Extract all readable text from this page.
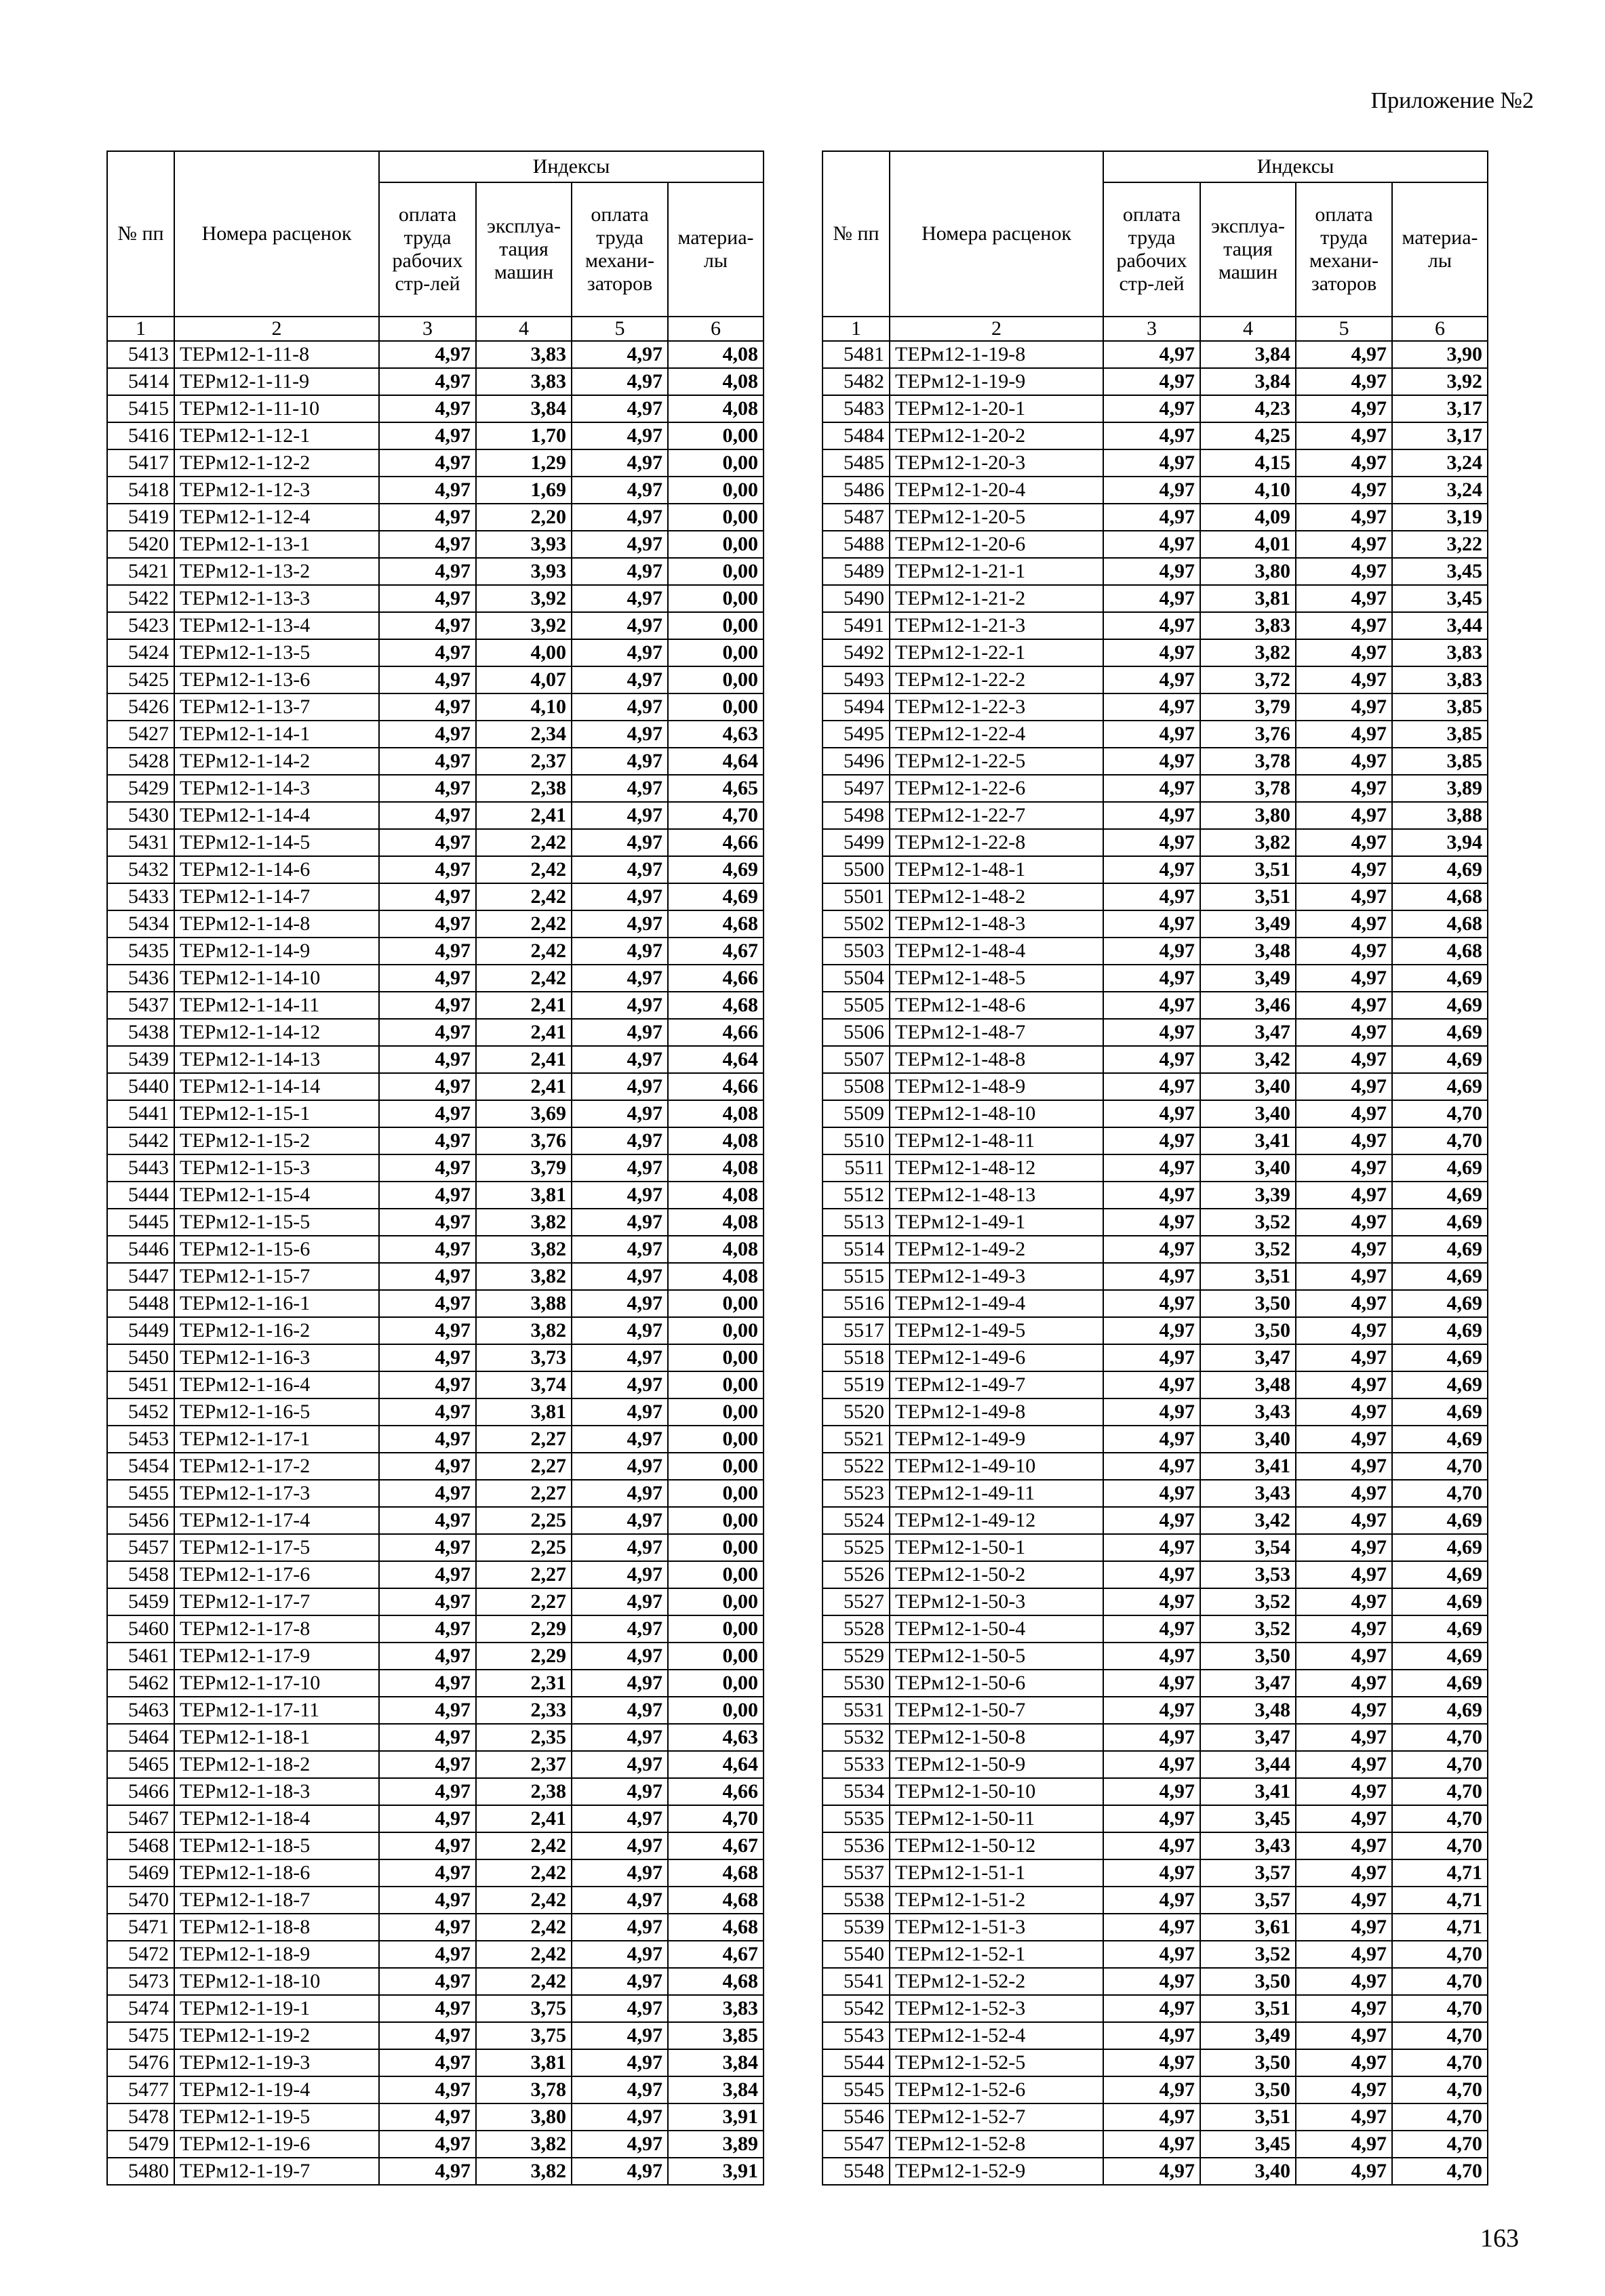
Приложение №2
№ пп	Номера расценок	Индексы			
		оплата труда рабочих стр-лей	эксплуа-тация машин	оплата труда механи-заторов	материа-лы
1	2	3	4	5	6
5413	ТЕРм12-1-11-8	4,97	3,83	4,97	4,08
5414	ТЕРм12-1-11-9	4,97	3,83	4,97	4,08
5415	ТЕРм12-1-11-10	4,97	3,84	4,97	4,08
5416	ТЕРм12-1-12-1	4,97	1,70	4,97	0,00
5417	ТЕРм12-1-12-2	4,97	1,29	4,97	0,00
5418	ТЕРм12-1-12-3	4,97	1,69	4,97	0,00
5419	ТЕРм12-1-12-4	4,97	2,20	4,97	0,00
5420	ТЕРм12-1-13-1	4,97	3,93	4,97	0,00
5421	ТЕРм12-1-13-2	4,97	3,93	4,97	0,00
5422	ТЕРм12-1-13-3	4,97	3,92	4,97	0,00
5423	ТЕРм12-1-13-4	4,97	3,92	4,97	0,00
5424	ТЕРм12-1-13-5	4,97	4,00	4,97	0,00
5425	ТЕРм12-1-13-6	4,97	4,07	4,97	0,00
5426	ТЕРм12-1-13-7	4,97	4,10	4,97	0,00
5427	ТЕРм12-1-14-1	4,97	2,34	4,97	4,63
5428	ТЕРм12-1-14-2	4,97	2,37	4,97	4,64
5429	ТЕРм12-1-14-3	4,97	2,38	4,97	4,65
5430	ТЕРм12-1-14-4	4,97	2,41	4,97	4,70
5431	ТЕРм12-1-14-5	4,97	2,42	4,97	4,66
5432	ТЕРм12-1-14-6	4,97	2,42	4,97	4,69
5433	ТЕРм12-1-14-7	4,97	2,42	4,97	4,69
5434	ТЕРм12-1-14-8	4,97	2,42	4,97	4,68
5435	ТЕРм12-1-14-9	4,97	2,42	4,97	4,67
5436	ТЕРм12-1-14-10	4,97	2,42	4,97	4,66
5437	ТЕРм12-1-14-11	4,97	2,41	4,97	4,68
5438	ТЕРм12-1-14-12	4,97	2,41	4,97	4,66
5439	ТЕРм12-1-14-13	4,97	2,41	4,97	4,64
5440	ТЕРм12-1-14-14	4,97	2,41	4,97	4,66
5441	ТЕРм12-1-15-1	4,97	3,69	4,97	4,08
5442	ТЕРм12-1-15-2	4,97	3,76	4,97	4,08
5443	ТЕРм12-1-15-3	4,97	3,79	4,97	4,08
5444	ТЕРм12-1-15-4	4,97	3,81	4,97	4,08
5445	ТЕРм12-1-15-5	4,97	3,82	4,97	4,08
5446	ТЕРм12-1-15-6	4,97	3,82	4,97	4,08
5447	ТЕРм12-1-15-7	4,97	3,82	4,97	4,08
5448	ТЕРм12-1-16-1	4,97	3,88	4,97	0,00
5449	ТЕРм12-1-16-2	4,97	3,82	4,97	0,00
5450	ТЕРм12-1-16-3	4,97	3,73	4,97	0,00
5451	ТЕРм12-1-16-4	4,97	3,74	4,97	0,00
5452	ТЕРм12-1-16-5	4,97	3,81	4,97	0,00
5453	ТЕРм12-1-17-1	4,97	2,27	4,97	0,00
5454	ТЕРм12-1-17-2	4,97	2,27	4,97	0,00
5455	ТЕРм12-1-17-3	4,97	2,27	4,97	0,00
5456	ТЕРм12-1-17-4	4,97	2,25	4,97	0,00
5457	ТЕРм12-1-17-5	4,97	2,25	4,97	0,00
5458	ТЕРм12-1-17-6	4,97	2,27	4,97	0,00
5459	ТЕРм12-1-17-7	4,97	2,27	4,97	0,00
5460	ТЕРм12-1-17-8	4,97	2,29	4,97	0,00
5461	ТЕРм12-1-17-9	4,97	2,29	4,97	0,00
5462	ТЕРм12-1-17-10	4,97	2,31	4,97	0,00
5463	ТЕРм12-1-17-11	4,97	2,33	4,97	0,00
5464	ТЕРм12-1-18-1	4,97	2,35	4,97	4,63
5465	ТЕРм12-1-18-2	4,97	2,37	4,97	4,64
5466	ТЕРм12-1-18-3	4,97	2,38	4,97	4,66
5467	ТЕРм12-1-18-4	4,97	2,41	4,97	4,70
5468	ТЕРм12-1-18-5	4,97	2,42	4,97	4,67
5469	ТЕРм12-1-18-6	4,97	2,42	4,97	4,68
5470	ТЕРм12-1-18-7	4,97	2,42	4,97	4,68
5471	ТЕРм12-1-18-8	4,97	2,42	4,97	4,68
5472	ТЕРм12-1-18-9	4,97	2,42	4,97	4,67
5473	ТЕРм12-1-18-10	4,97	2,42	4,97	4,68
5474	ТЕРм12-1-19-1	4,97	3,75	4,97	3,83
5475	ТЕРм12-1-19-2	4,97	3,75	4,97	3,85
5476	ТЕРм12-1-19-3	4,97	3,81	4,97	3,84
5477	ТЕРм12-1-19-4	4,97	3,78	4,97	3,84
5478	ТЕРм12-1-19-5	4,97	3,80	4,97	3,91
5479	ТЕРм12-1-19-6	4,97	3,82	4,97	3,89
5480	ТЕРм12-1-19-7	4,97	3,82	4,97	3,91
№ пп	Номера расценок	Индексы			
		оплата труда рабочих стр-лей	эксплуа-тация машин	оплата труда механи-заторов	материа-лы
1	2	3	4	5	6
5481	ТЕРм12-1-19-8	4,97	3,84	4,97	3,90
5482	ТЕРм12-1-19-9	4,97	3,84	4,97	3,92
5483	ТЕРм12-1-20-1	4,97	4,23	4,97	3,17
5484	ТЕРм12-1-20-2	4,97	4,25	4,97	3,17
5485	ТЕРм12-1-20-3	4,97	4,15	4,97	3,24
5486	ТЕРм12-1-20-4	4,97	4,10	4,97	3,24
5487	ТЕРм12-1-20-5	4,97	4,09	4,97	3,19
5488	ТЕРм12-1-20-6	4,97	4,01	4,97	3,22
5489	ТЕРм12-1-21-1	4,97	3,80	4,97	3,45
5490	ТЕРм12-1-21-2	4,97	3,81	4,97	3,45
5491	ТЕРм12-1-21-3	4,97	3,83	4,97	3,44
5492	ТЕРм12-1-22-1	4,97	3,82	4,97	3,83
5493	ТЕРм12-1-22-2	4,97	3,72	4,97	3,83
5494	ТЕРм12-1-22-3	4,97	3,79	4,97	3,85
5495	ТЕРм12-1-22-4	4,97	3,76	4,97	3,85
5496	ТЕРм12-1-22-5	4,97	3,78	4,97	3,85
5497	ТЕРм12-1-22-6	4,97	3,78	4,97	3,89
5498	ТЕРм12-1-22-7	4,97	3,80	4,97	3,88
5499	ТЕРм12-1-22-8	4,97	3,82	4,97	3,94
5500	ТЕРм12-1-48-1	4,97	3,51	4,97	4,69
5501	ТЕРм12-1-48-2	4,97	3,51	4,97	4,68
5502	ТЕРм12-1-48-3	4,97	3,49	4,97	4,68
5503	ТЕРм12-1-48-4	4,97	3,48	4,97	4,68
5504	ТЕРм12-1-48-5	4,97	3,49	4,97	4,69
5505	ТЕРм12-1-48-6	4,97	3,46	4,97	4,69
5506	ТЕРм12-1-48-7	4,97	3,47	4,97	4,69
5507	ТЕРм12-1-48-8	4,97	3,42	4,97	4,69
5508	ТЕРм12-1-48-9	4,97	3,40	4,97	4,69
5509	ТЕРм12-1-48-10	4,97	3,40	4,97	4,70
5510	ТЕРм12-1-48-11	4,97	3,41	4,97	4,70
5511	ТЕРм12-1-48-12	4,97	3,40	4,97	4,69
5512	ТЕРм12-1-48-13	4,97	3,39	4,97	4,69
5513	ТЕРм12-1-49-1	4,97	3,52	4,97	4,69
5514	ТЕРм12-1-49-2	4,97	3,52	4,97	4,69
5515	ТЕРм12-1-49-3	4,97	3,51	4,97	4,69
5516	ТЕРм12-1-49-4	4,97	3,50	4,97	4,69
5517	ТЕРм12-1-49-5	4,97	3,50	4,97	4,69
5518	ТЕРм12-1-49-6	4,97	3,47	4,97	4,69
5519	ТЕРм12-1-49-7	4,97	3,48	4,97	4,69
5520	ТЕРм12-1-49-8	4,97	3,43	4,97	4,69
5521	ТЕРм12-1-49-9	4,97	3,40	4,97	4,69
5522	ТЕРм12-1-49-10	4,97	3,41	4,97	4,70
5523	ТЕРм12-1-49-11	4,97	3,43	4,97	4,70
5524	ТЕРм12-1-49-12	4,97	3,42	4,97	4,69
5525	ТЕРм12-1-50-1	4,97	3,54	4,97	4,69
5526	ТЕРм12-1-50-2	4,97	3,53	4,97	4,69
5527	ТЕРм12-1-50-3	4,97	3,52	4,97	4,69
5528	ТЕРм12-1-50-4	4,97	3,52	4,97	4,69
5529	ТЕРм12-1-50-5	4,97	3,50	4,97	4,69
5530	ТЕРм12-1-50-6	4,97	3,47	4,97	4,69
5531	ТЕРм12-1-50-7	4,97	3,48	4,97	4,69
5532	ТЕРм12-1-50-8	4,97	3,47	4,97	4,70
5533	ТЕРм12-1-50-9	4,97	3,44	4,97	4,70
5534	ТЕРм12-1-50-10	4,97	3,41	4,97	4,70
5535	ТЕРм12-1-50-11	4,97	3,45	4,97	4,70
5536	ТЕРм12-1-50-12	4,97	3,43	4,97	4,70
5537	ТЕРм12-1-51-1	4,97	3,57	4,97	4,71
5538	ТЕРм12-1-51-2	4,97	3,57	4,97	4,71
5539	ТЕРм12-1-51-3	4,97	3,61	4,97	4,71
5540	ТЕРм12-1-52-1	4,97	3,52	4,97	4,70
5541	ТЕРм12-1-52-2	4,97	3,50	4,97	4,70
5542	ТЕРм12-1-52-3	4,97	3,51	4,97	4,70
5543	ТЕРм12-1-52-4	4,97	3,49	4,97	4,70
5544	ТЕРм12-1-52-5	4,97	3,50	4,97	4,70
5545	ТЕРм12-1-52-6	4,97	3,50	4,97	4,70
5546	ТЕРм12-1-52-7	4,97	3,51	4,97	4,70
5547	ТЕРм12-1-52-8	4,97	3,45	4,97	4,70
5548	ТЕРм12-1-52-9	4,97	3,40	4,97	4,70
163
